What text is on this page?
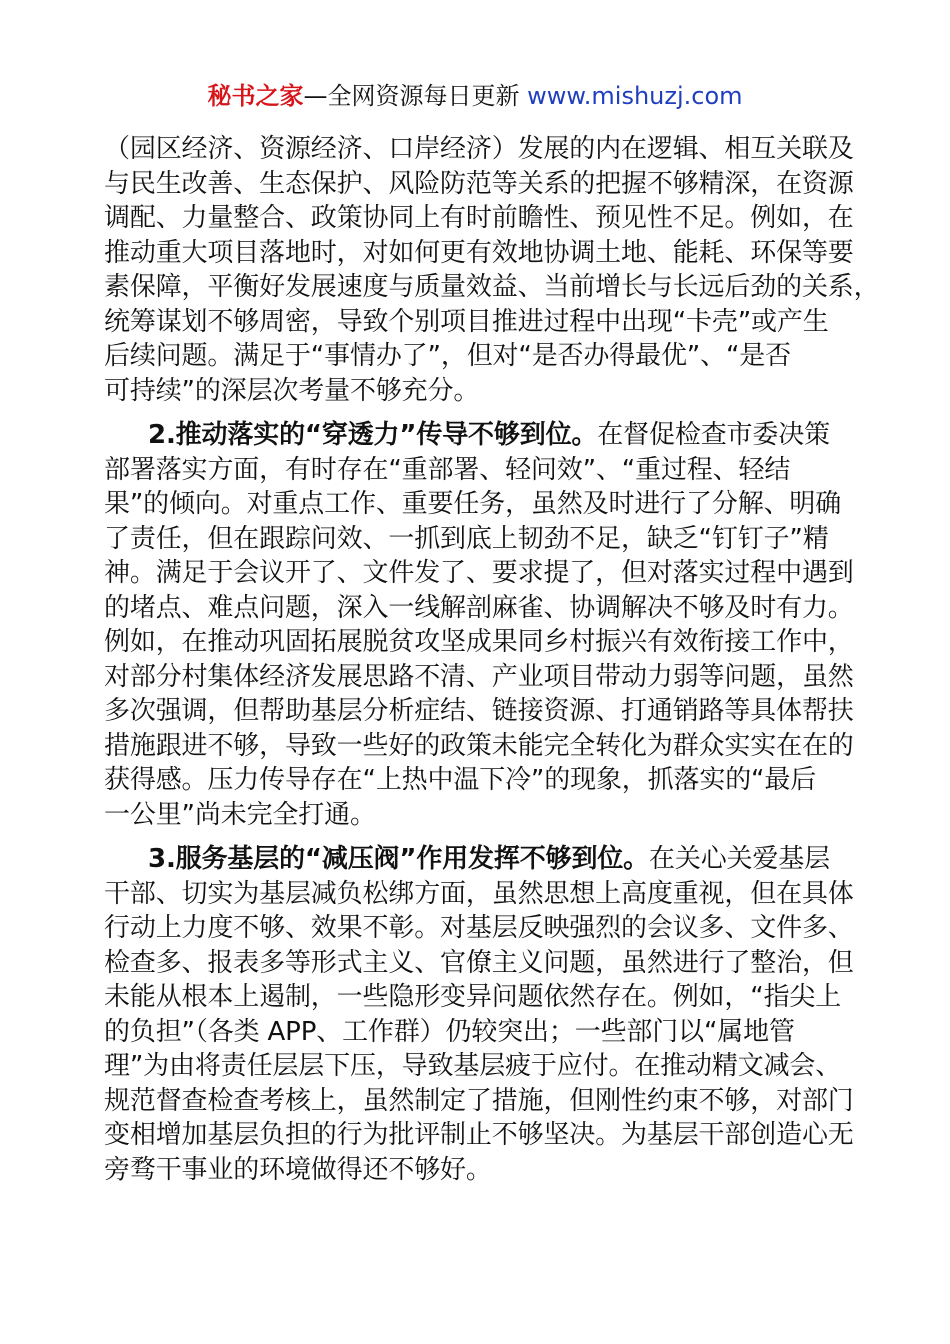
秘书之家—全网资源每日更新 www.mishuzj.com
（园区经济、资源经济、口岸经济）发展的内在逻辑、相互关联及
与民生改善、生态保护、风险防范等关系的把握不够精深，在资源
调配、力量整合、政策协同上有时前瞻性、预见性不足。例如，在
推动重大项目落地时，对如何更有效地协调土地、能耗、环保等要
素保障，平衡好发展速度与质量效益、当前增长与长远后劲的关系，
统筹谋划不够周密，导致个别项目推进过程中出现“卡壳”或产生
后续问题。满足于“事情办了”，但对“是否办得最优”、“是否
可持续”的深层次考量不够充分。
2.推动落实的“穿透力”传导不够到位。在督促检查市委决策
部署落实方面，有时存在“重部署、轻问效”、“重过程、轻结
果”的倾向。对重点工作、重要任务，虽然及时进行了分解、明确
了责任，但在跟踪问效、一抓到底上韧劲不足，缺乏“钉钉子”精
神。满足于会议开了、文件发了、要求提了，但对落实过程中遇到
的堵点、难点问题，深入一线解剖麻雀、协调解决不够及时有力。
例如，在推动巩固拓展脱贫攻坚成果同乡村振兴有效衔接工作中，
对部分村集体经济发展思路不清、产业项目带动力弱等问题，虽然
多次强调，但帮助基层分析症结、链接资源、打通销路等具体帮扶
措施跟进不够，导致一些好的政策未能完全转化为群众实实在在的
获得感。压力传导存在“上热中温下冷”的现象，抓落实的“最后
一公里”尚未完全打通。
3.服务基层的“减压阀”作用发挥不够到位。在关心关爱基层
干部、切实为基层减负松绑方面，虽然思想上高度重视，但在具体
行动上力度不够、效果不彰。对基层反映强烈的会议多、文件多、
检查多、报表多等形式主义、官僚主义问题，虽然进行了整治，但
未能从根本上遏制，一些隐形变异问题依然存在。例如，“指尖上
的负担”（各类 APP、工作群）仍较突出；一些部门以“属地管
理”为由将责任层层下压，导致基层疲于应付。在推动精文减会、
规范督查检查考核上，虽然制定了措施，但刚性约束不够，对部门
变相增加基层负担的行为批评制止不够坚决。为基层干部创造心无
旁骛干事业的环境做得还不够好。
